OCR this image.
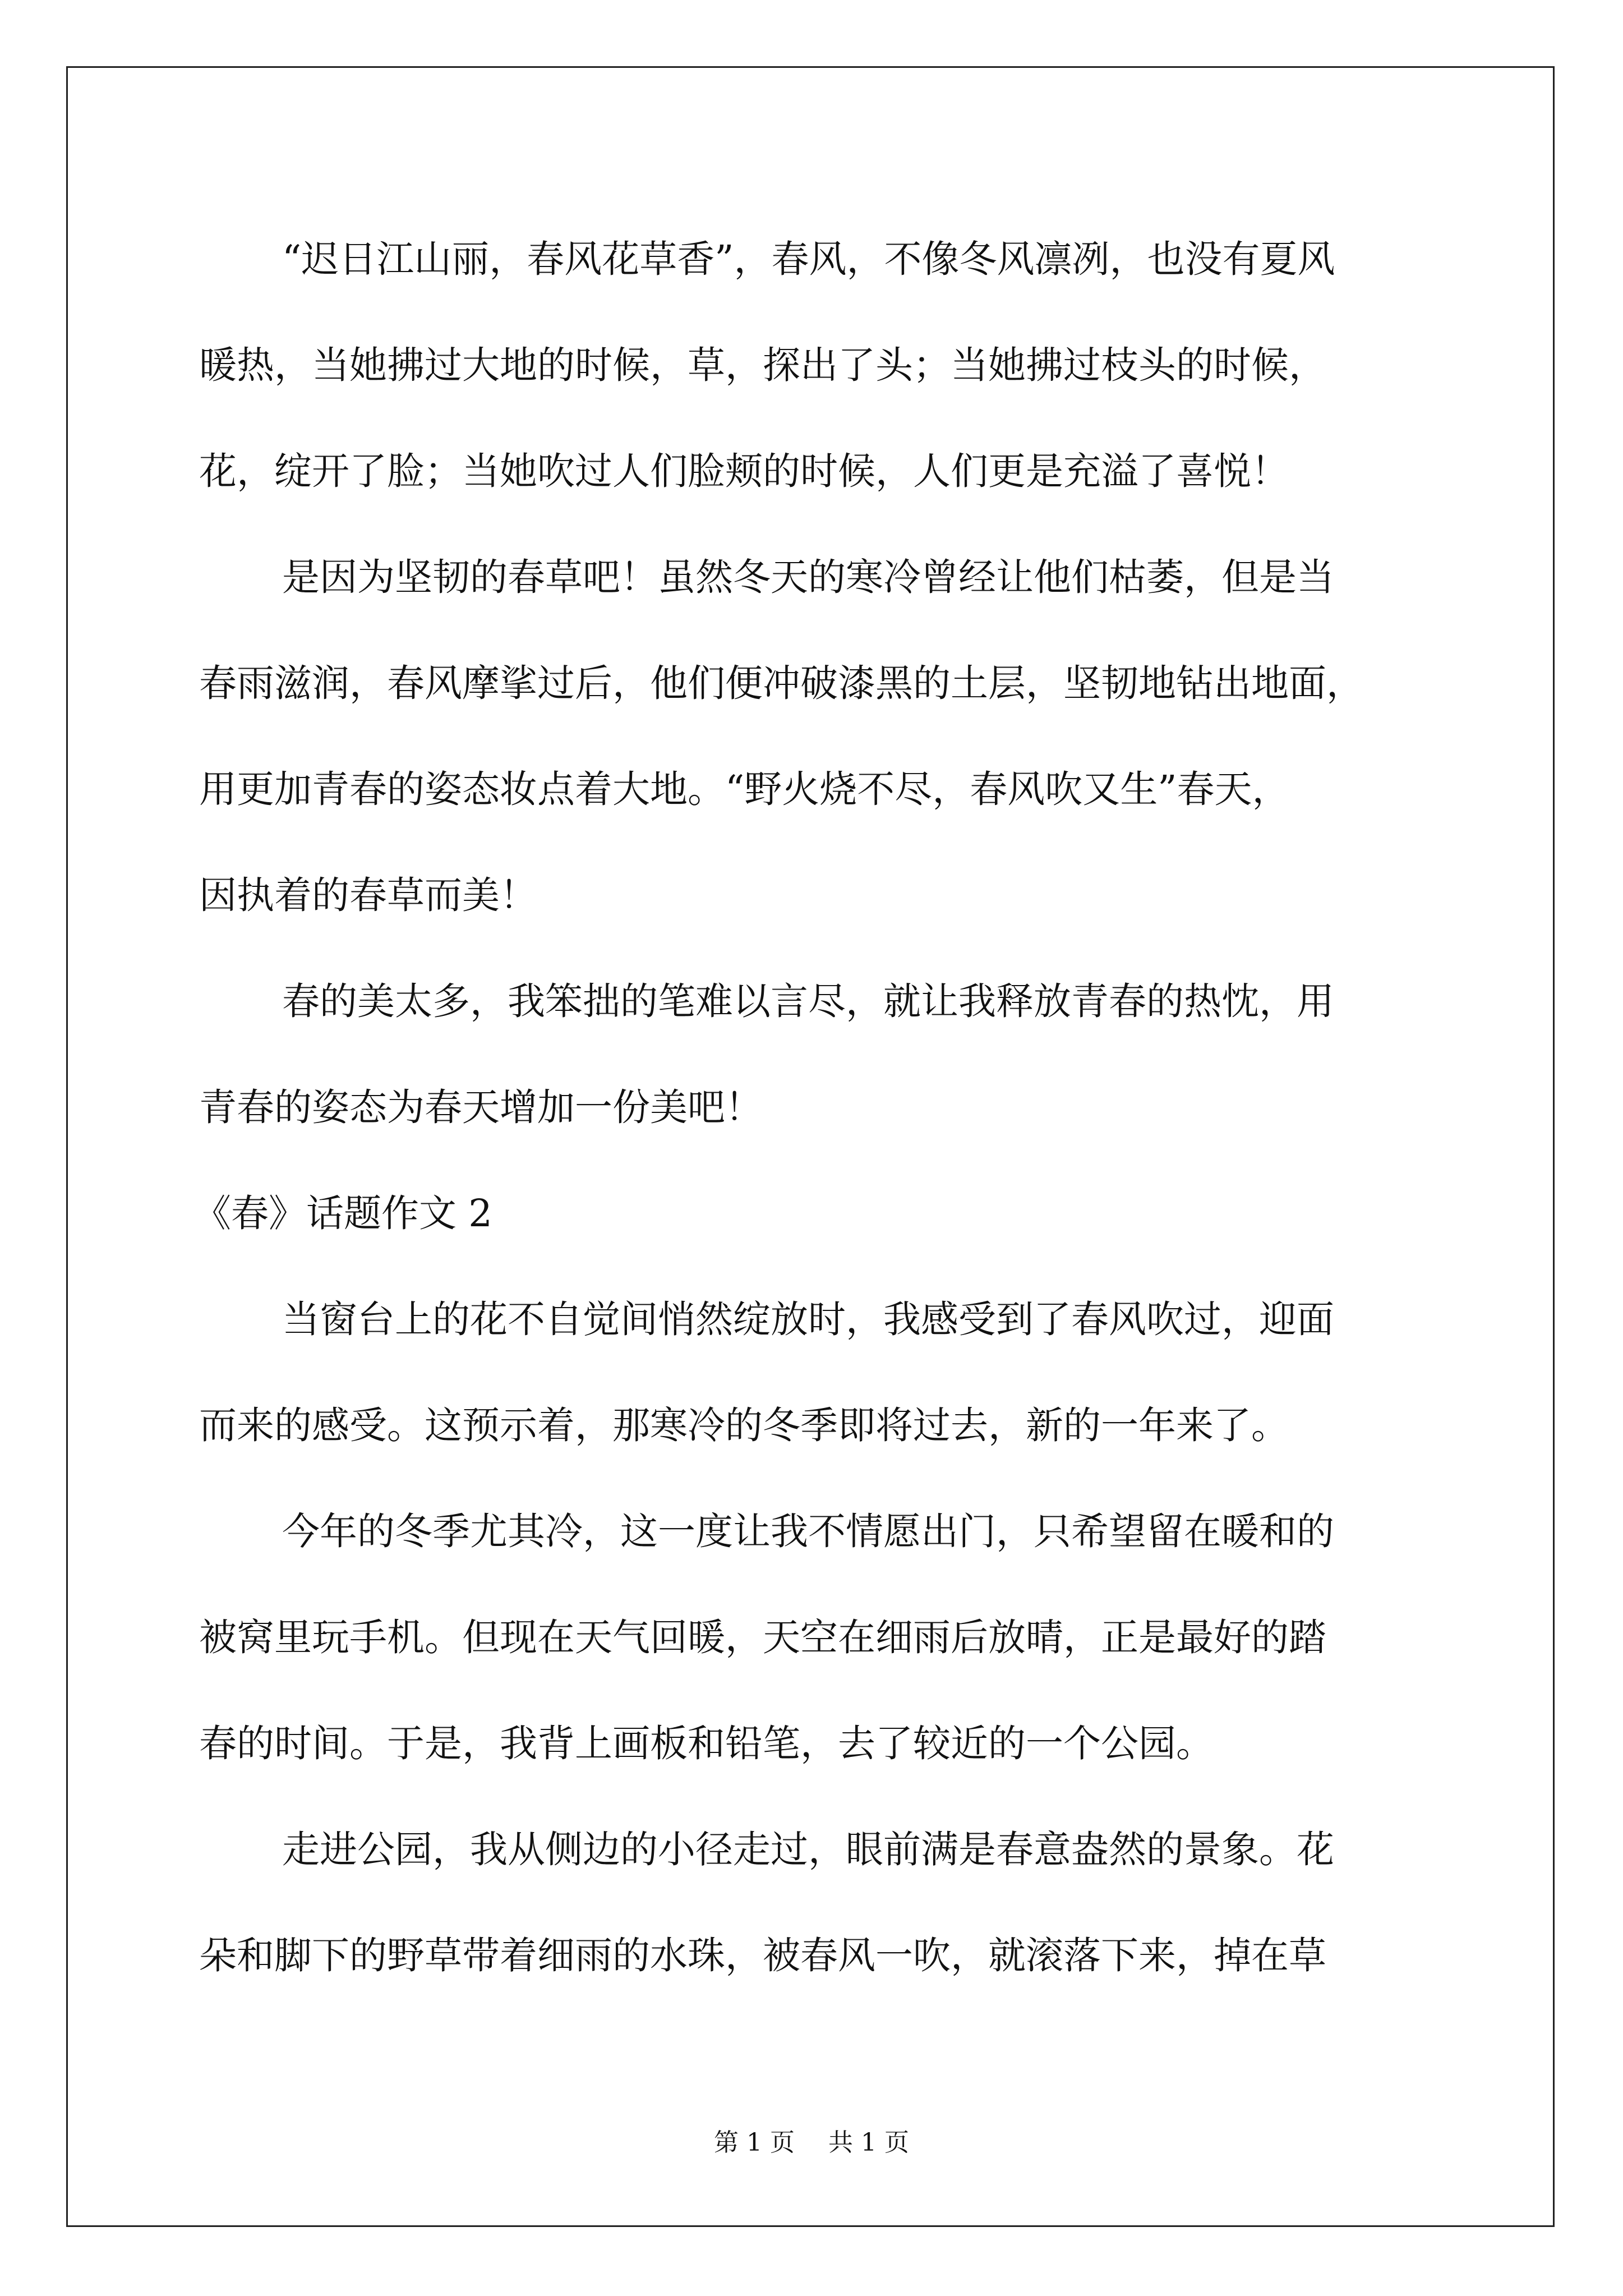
“迟日江山丽，春风花草香”，春风，不像冬风凛冽，也没有夏风
暖热，当她拂过大地的时候，草，探出了头；当她拂过枝头的时候，
花，绽开了脸；当她吹过人们脸颊的时候，人们更是充溢了喜悦！
是因为坚韧的春草吧！虽然冬天的寒冷曾经让他们枯萎，但是当
春雨滋润，春风摩挲过后，他们便冲破漆黑的土层，坚韧地钻出地面，
用更加青春的姿态妆点着大地。“野火烧不尽，春风吹又生”春天，
因执着的春草而美！
春的美太多，我笨拙的笔难以言尽，就让我释放青春的热忱，用
青春的姿态为春天增加一份美吧！
《春》话题作文 2
当窗台上的花不自觉间悄然绽放时，我感受到了春风吹过，迎面
而来的感受。这预示着，那寒冷的冬季即将过去，新的一年来了。
今年的冬季尤其冷，这一度让我不情愿出门，只希望留在暖和的
被窝里玩手机。但现在天气回暖，天空在细雨后放晴，正是最好的踏
春的时间。于是，我背上画板和铅笔，去了较近的一个公园。
走进公园，我从侧边的小径走过，眼前满是春意盎然的景象。花
朵和脚下的野草带着细雨的水珠，被春风一吹，就滚落下来，掉在草
第 1 页 共 1 页
